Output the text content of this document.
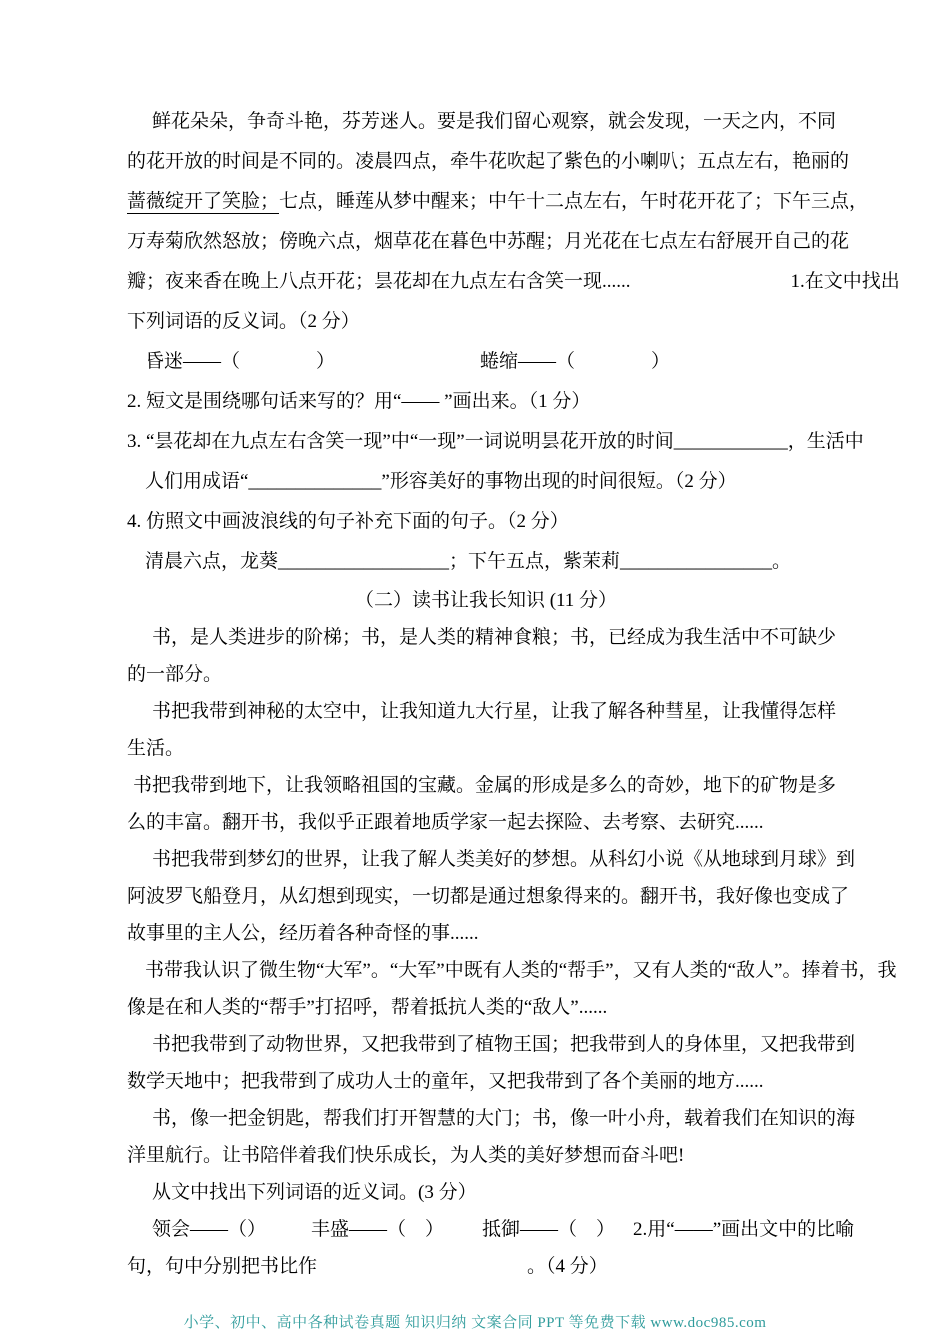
鲜花朵朵，争奇斗艳，芬芳迷人。要是我们留心观察，就会发现，一天之内，不同
的花开放的时间是不同的。凌晨四点，牵牛花吹起了紫色的小喇叭；五点左右，艳丽的
蔷薇绽开了笑脸；七点，睡莲从梦中醒来；中午十二点左右，午时花开花了；下午三点，
万寿菊欣然怒放；傍晚六点，烟草花在暮色中苏醒；月光花在七点左右舒展开自己的花
瓣；夜来香在晚上八点开花；昙花却在九点左右含笑一现......	1.在文中找出
下列词语的反义词。（2 分）
昏迷——（　　　　）	蜷缩——（　　　　）
2. 短文是围绕哪句话来写的？用“—— ”画出来。（1 分）
3. “昙花却在九点左右含笑一现”中“一现”一词说明昙花开放的时间____________，生活中
人们用成语“______________”形容美好的事物出现的时间很短。（2 分）
4. 仿照文中画波浪线的句子补充下面的句子。（2 分）
清晨六点，龙葵__________________；下午五点，紫茉莉________________。
（二）读书让我长知识 (11 分）
书，是人类进步的阶梯；书，是人类的精神食粮；书，已经成为我生活中不可缺少
的一部分。
书把我带到神秘的太空中，让我知道九大行星，让我了解各种彗星，让我懂得怎样
生活。
书把我带到地下，让我领略祖国的宝藏。金属的形成是多么的奇妙，地下的矿物是多
么的丰富。翻开书，我似乎正跟着地质学家一起去探险、去考察、去研究......
书把我带到梦幻的世界，让我了解人类美好的梦想。从科幻小说《从地球到月球》到
阿波罗飞船登月，从幻想到现实，一切都是通过想象得来的。翻开书，我好像也变成了
故事里的主人公，经历着各种奇怪的事......
书带我认识了微生物“大军”。“大军”中既有人类的“帮手”，又有人类的“敌人”。捧着书，我
像是在和人类的“帮手”打招呼，帮着抵抗人类的“敌人”......
书把我带到了动物世界，又把我带到了植物王国；把我带到人的身体里，又把我带到
数学天地中；把我带到了成功人士的童年，又把我带到了各个美丽的地方......
书，像一把金钥匙，帮我们打开智慧的大门；书，像一叶小舟，载着我们在知识的海
洋里航行。让书陪伴着我们快乐成长，为人类的美好梦想而奋斗吧!
从文中找出下列词语的近义词。(3 分）
领会——（） 丰盛——（　） 抵御——（　） 2.用“——”画出文中的比喻
句，句中分别把书比作	。（4 分）
小学、初中、高中各种试卷真题 知识归纳 文案合同 PPT 等免费下载 www.doc985.com
